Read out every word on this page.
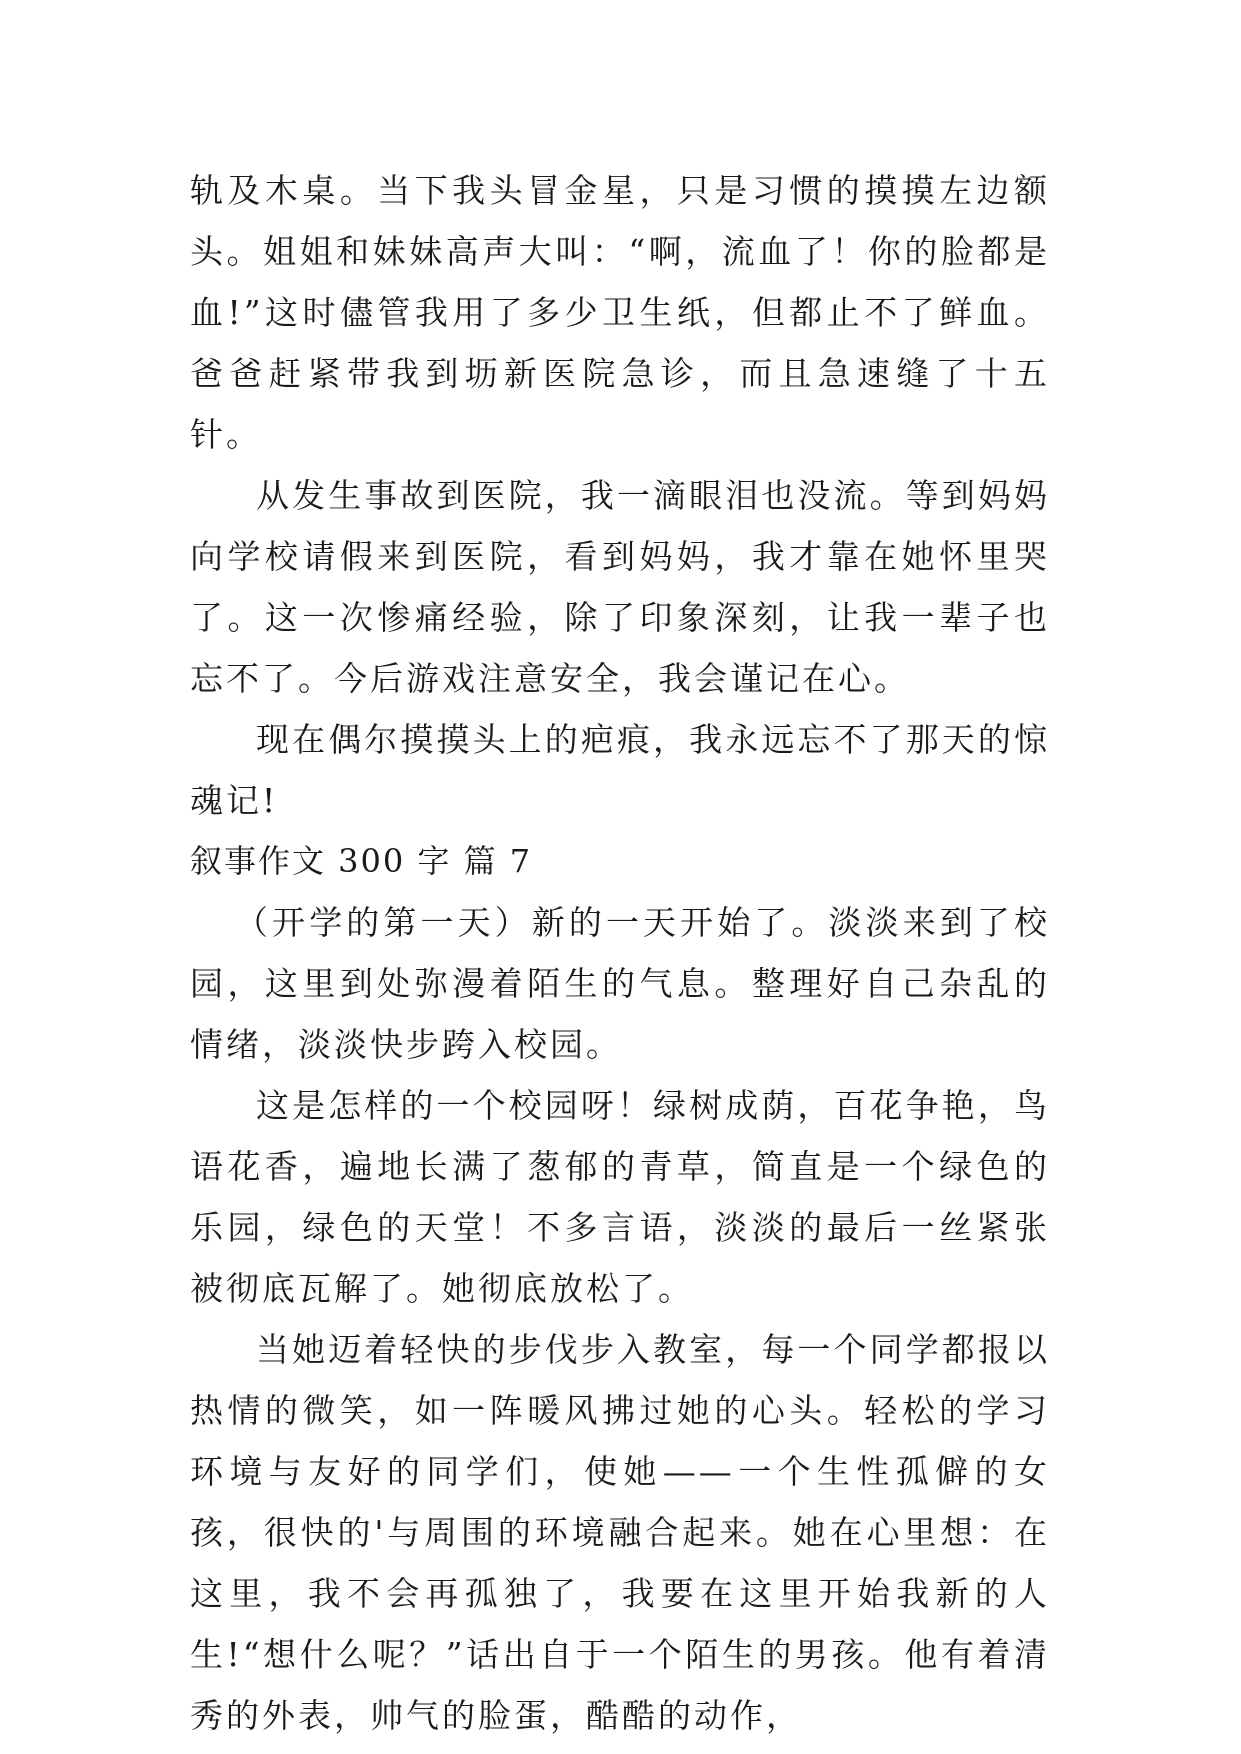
轨及木桌。当下我头冒金星，只是习惯的摸摸左边额头。姐姐和妹妹高声大叫：“啊，流血了！你的脸都是血!”这时儘管我用了多少卫生纸，但都止不了鲜血。爸爸赶紧带我到坜新医院急诊，而且急速缝了十五针。

从发生事故到医院，我一滴眼泪也没流。等到妈妈向学校请假来到医院，看到妈妈，我才靠在她怀里哭了。这一次惨痛经验，除了印象深刻，让我一辈子也忘不了。今后游戏注意安全，我会谨记在心。

现在偶尔摸摸头上的疤痕，我永远忘不了那天的惊魂记!

叙事作文 300 字 篇 7

（开学的第一天）新的一天开始了。淡淡来到了校园，这里到处弥漫着陌生的气息。整理好自己杂乱的情绪，淡淡快步跨入校园。

这是怎样的一个校园呀！绿树成荫，百花争艳，鸟语花香，遍地长满了葱郁的青草，简直是一个绿色的乐园，绿色的天堂！不多言语，淡淡的最后一丝紧张被彻底瓦解了。她彻底放松了。

当她迈着轻快的步伐步入教室，每一个同学都报以热情的微笑，如一阵暖风拂过她的心头。轻松的学习环境与友好的同学们，使她——一个生性孤僻的女孩，很快的'与周围的环境融合起来。她在心里想：在这里，我不会再孤独了，我要在这里开始我新的人生!“想什么呢？”话出自于一个陌生的男孩。他有着清秀的外表，帅气的脸蛋，酷酷的动作，
